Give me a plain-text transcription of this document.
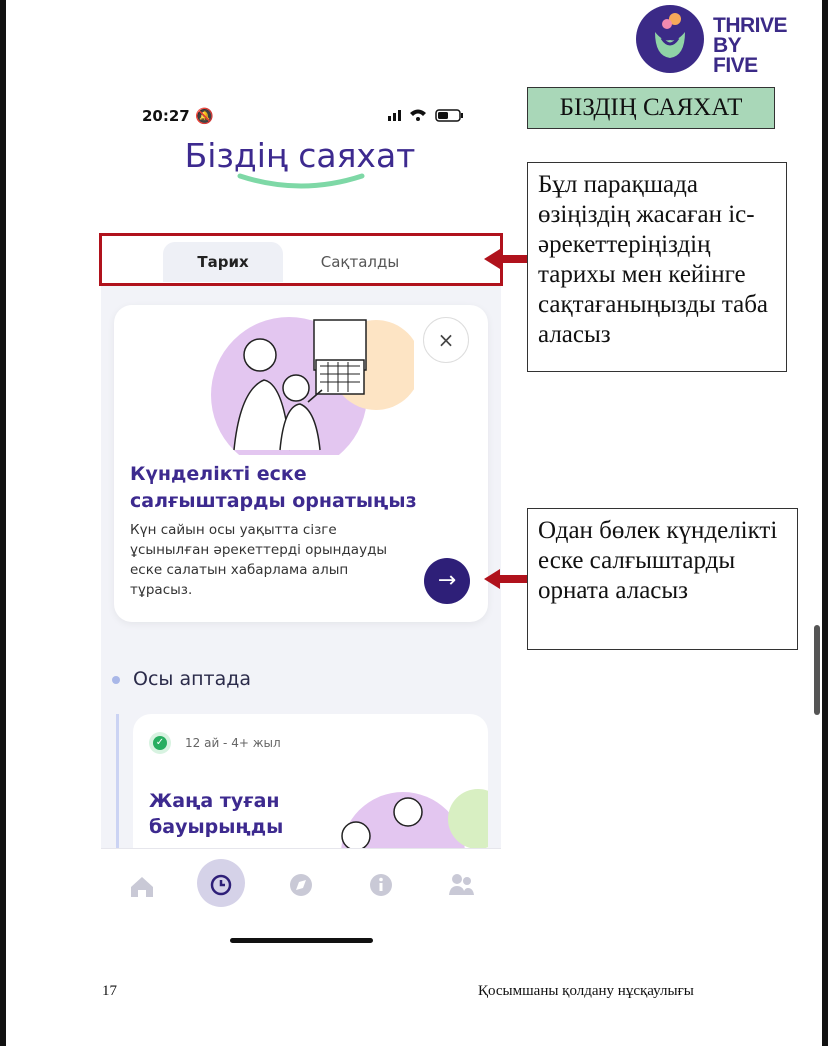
THRIVE
BY FIVE
20:27 🔕
Біздің саяхат
Тарих	Сақталды
×
Күнделікті еске салғыштарды орнатыңыз
Күн сайын осы уақытта сізге ұсынылған әрекеттерді орындауды еске салатын хабарлама алып тұрасыз.	→
Осы аптада
✓ 12 ай - 4+ жыл
Жаңа туған бауырыңды
БІЗДІҢ САЯХАТ
Бұл парақшада өзіңіздің жасаған іс-әрекеттеріңіздің тарихы мен кейінге сақтағаныңызды таба аласыз
Одан бөлек күнделікті еске салғыштарды орната аласыз
17	Қосымшаны қолдану нұсқаулығы
